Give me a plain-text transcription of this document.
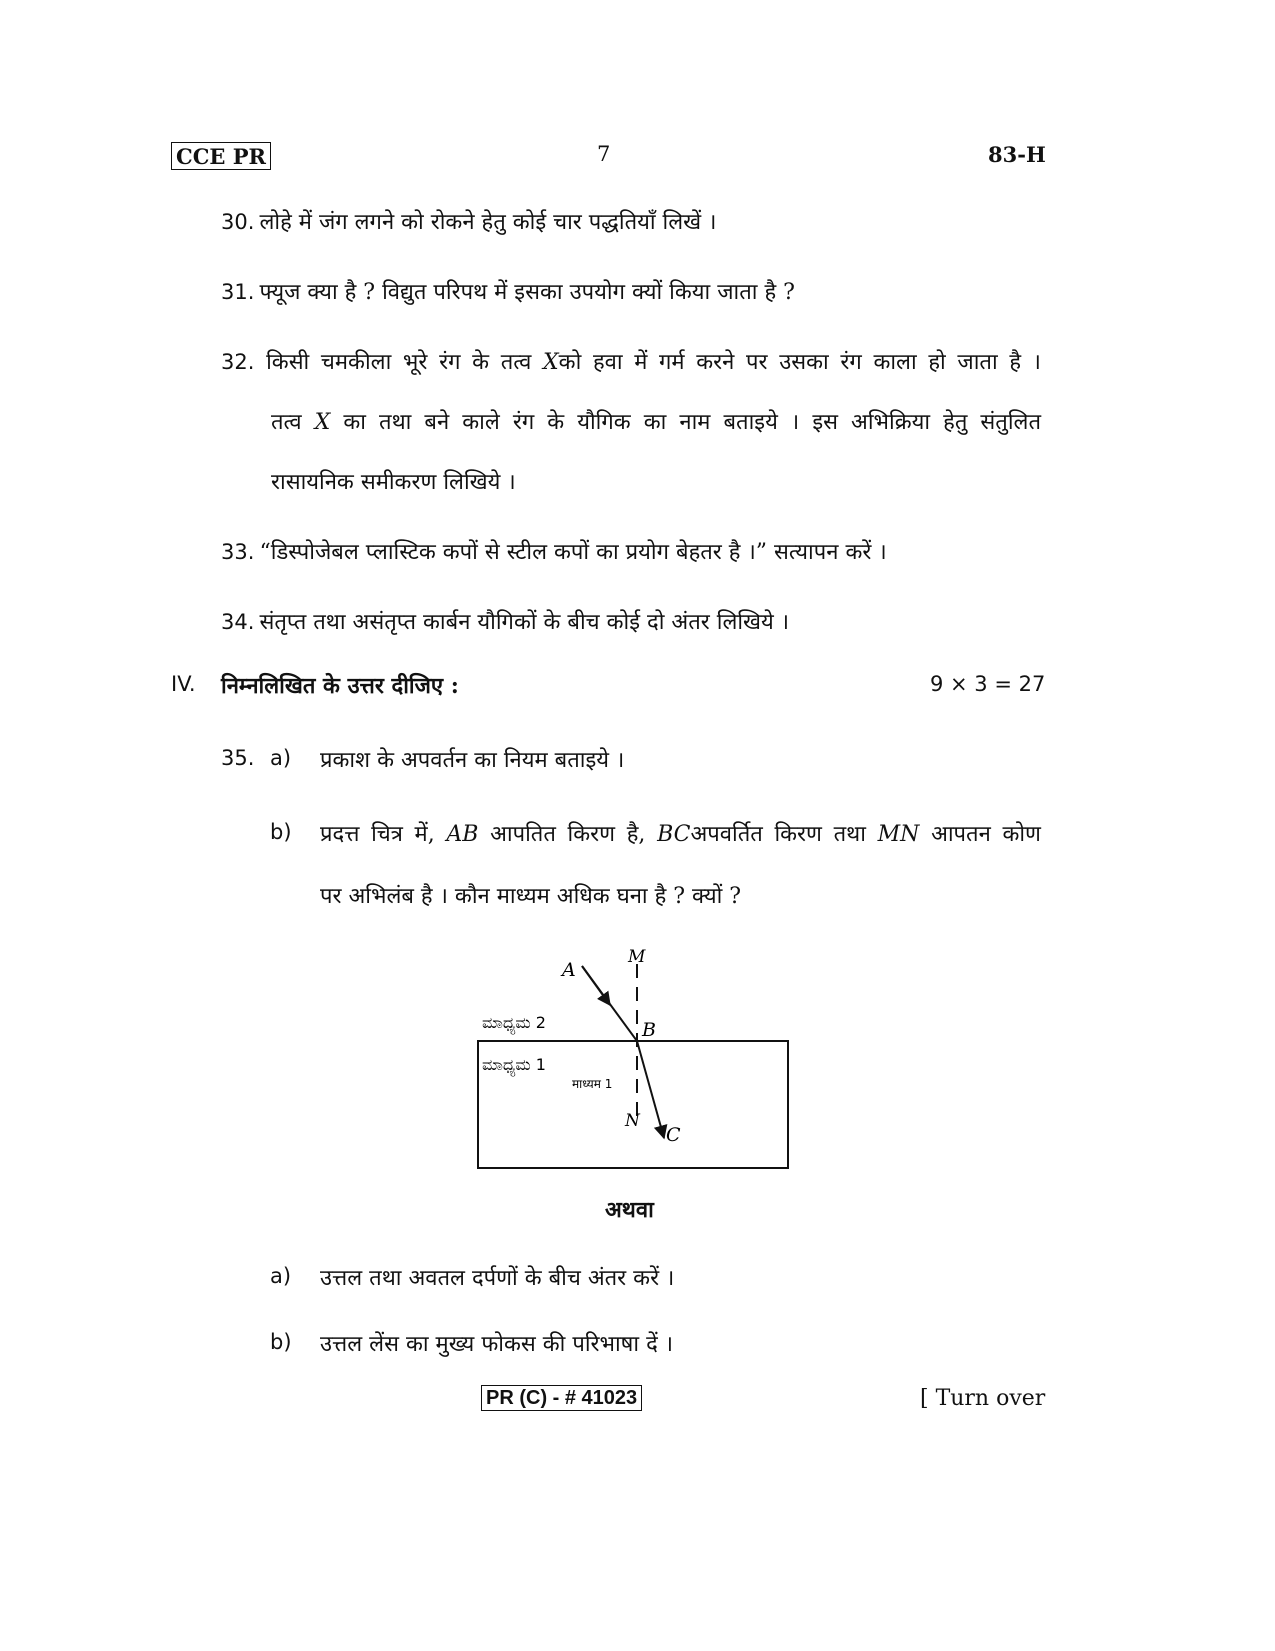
CCE PR	7	83-H
30. लोहे में जंग लगने को रोकने हेतु कोई चार पद्धतियाँ लिखें ।
31. फ्यूज क्या है ? विद्युत परिपथ में इसका उपयोग क्यों किया जाता है ?
32. किसी चमकीला भूरे रंग के तत्व Xको हवा में गर्म करने पर उसका रंग काला हो जाता है ।
तत्व X का तथा बने काले रंग के यौगिक का नाम बताइये । इस अभिक्रिया हेतु संतुलित
रासायनिक समीकरण लिखिये ।
33. “डिस्पोजेबल प्लास्टिक कपों से स्टील कपों का प्रयोग बेहतर है ।” सत्यापन करें ।
34. संतृप्त तथा असंतृप्त कार्बन यौगिकों के बीच कोई दो अंतर लिखिये ।
IV. निम्नलिखित के उत्तर दीजिए :	9 × 3 = 27
35. a) प्रकाश के अपवर्तन का नियम बताइये ।
b) प्रदत्त चित्र में, AB आपतित किरण है, BCअपवर्तित किरण तथा MN आपतन कोण
पर अभिलंब है । कौन माध्यम अधिक घना है ? क्यों ?
A
M
B
N
C
ಮಾಧ್ಯಮ 2
ಮಾಧ್ಯಮ 1
माध्यम 1
अथवा
a) उत्तल तथा अवतल दर्पणों के बीच अंतर करें ।
b) उत्तल लेंस का मुख्य फोकस की परिभाषा दें ।
PR (C) - # 41023	[ Turn over
